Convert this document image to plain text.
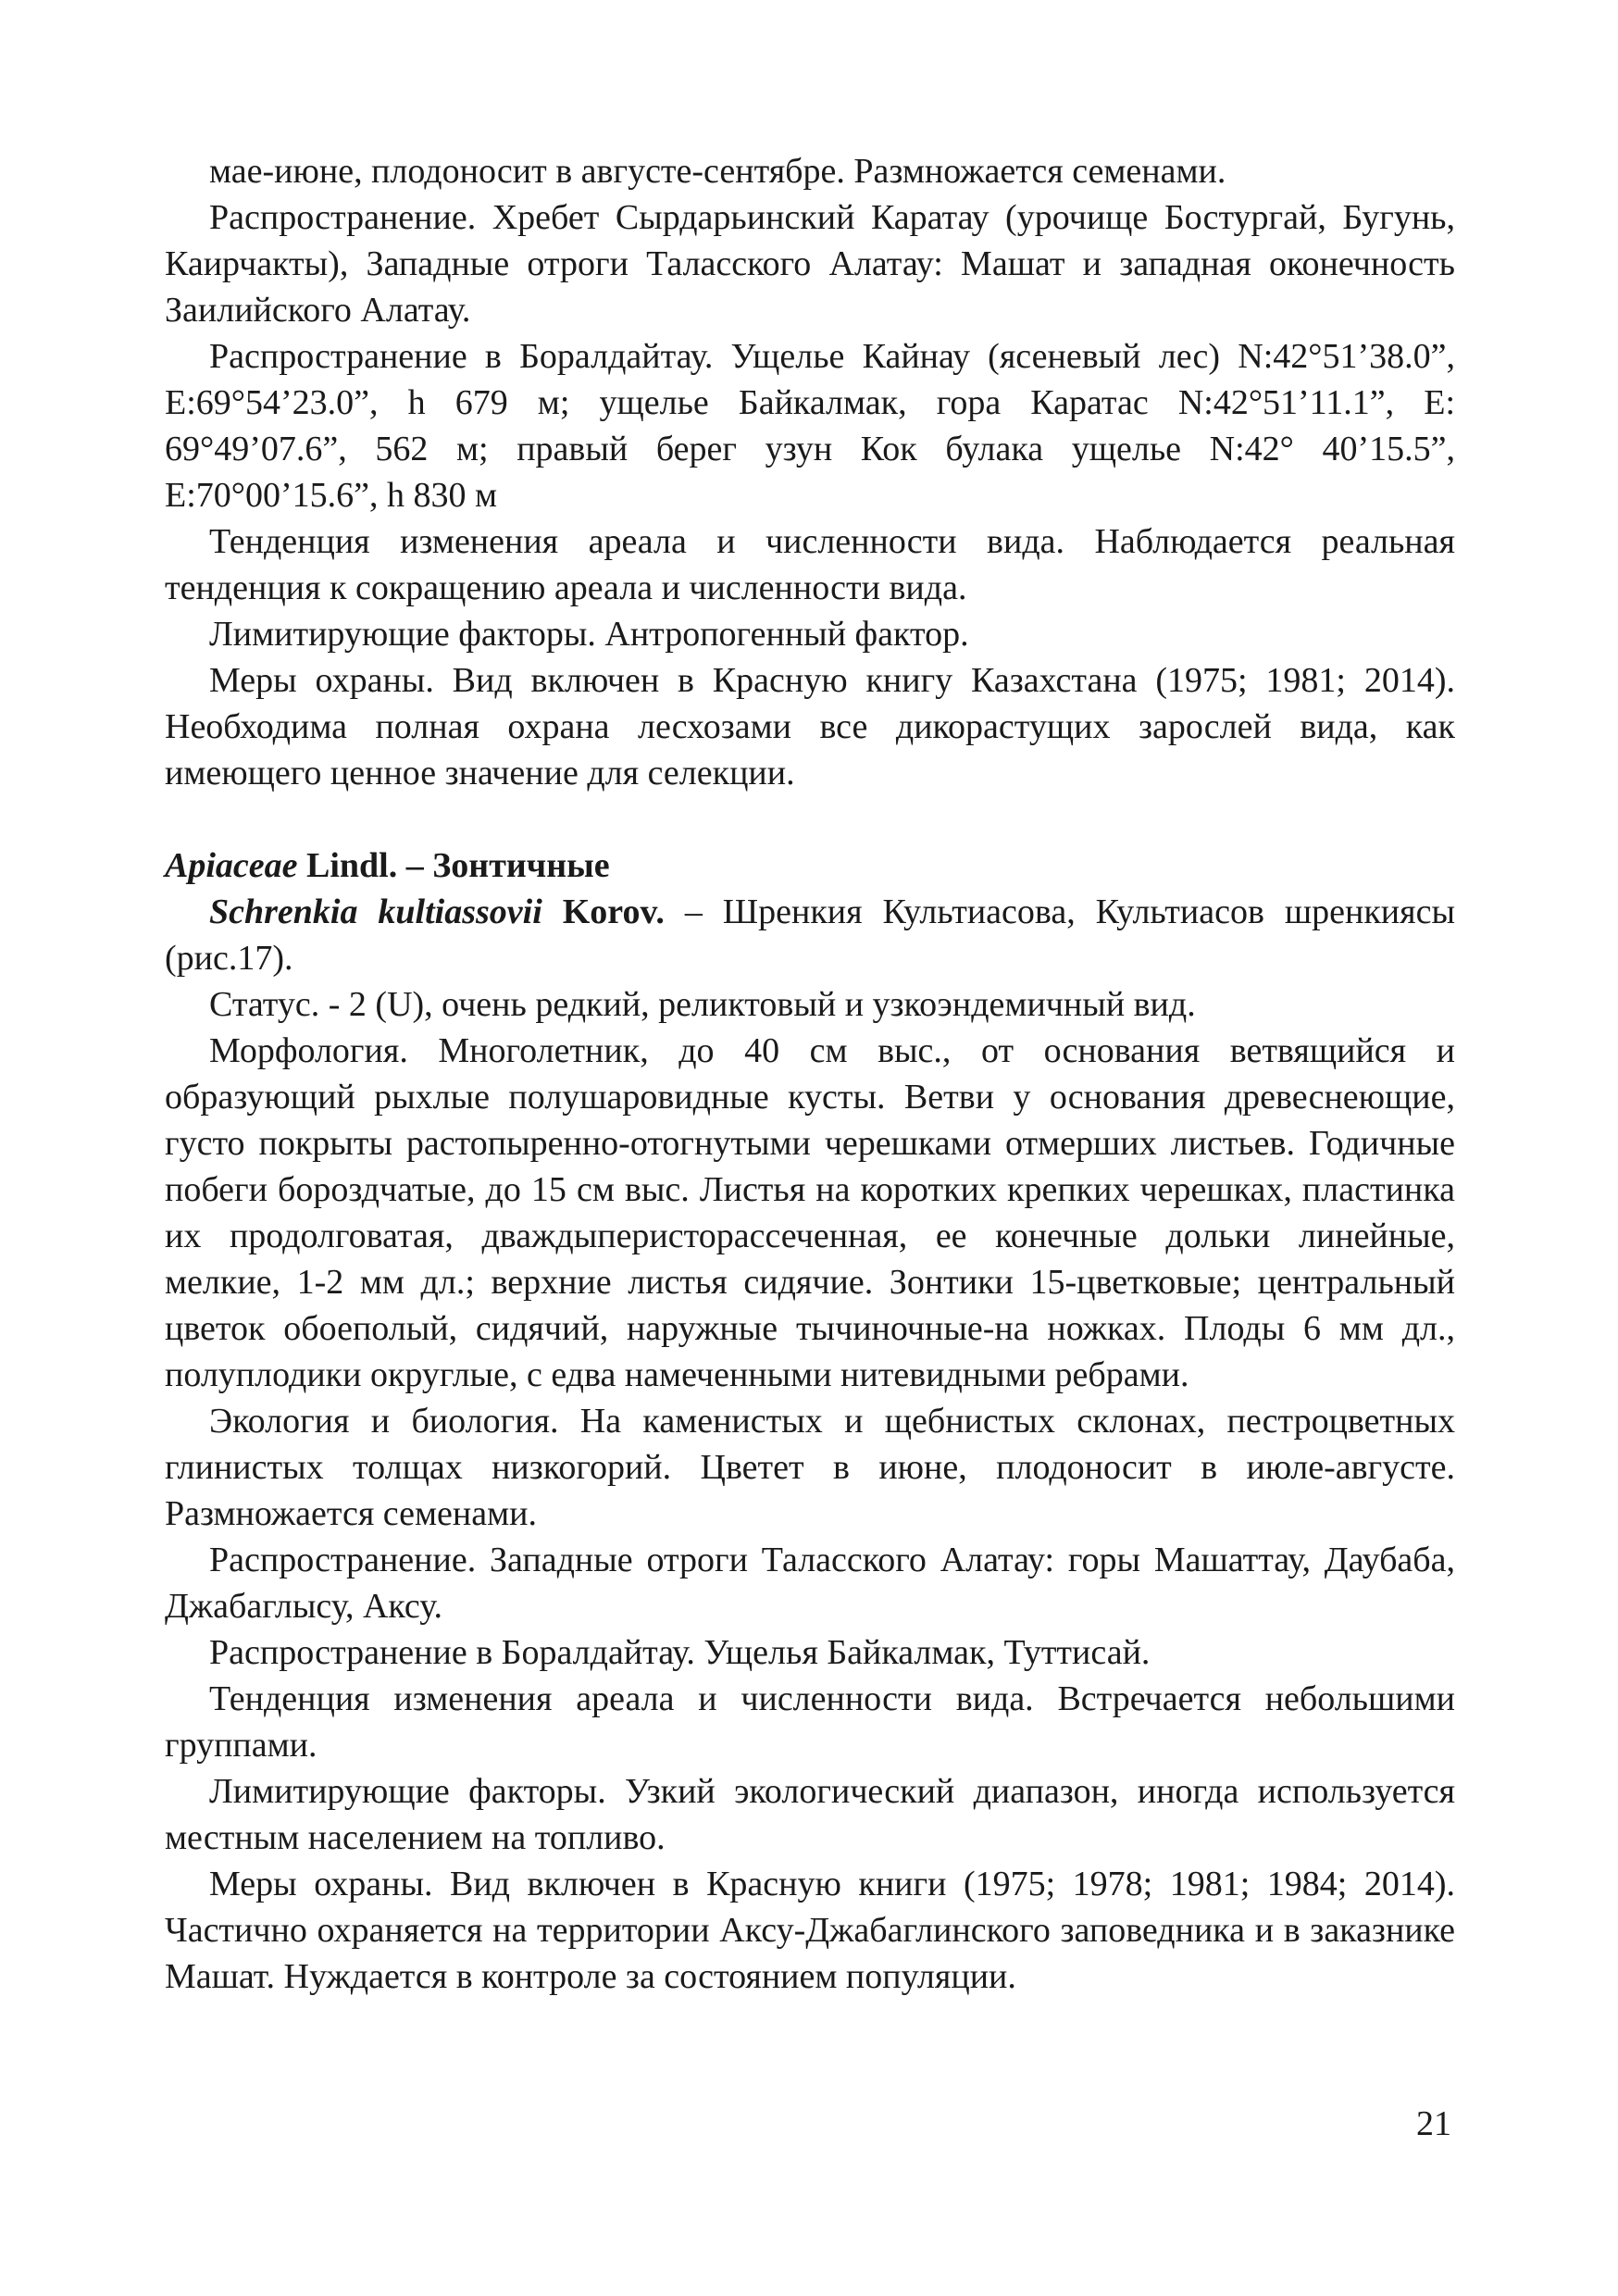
мае-июне, плодоносит в августе-сентябре. Размножается семенами.

Распространение. Хребет Сырдарьинский Каратау (урочище Бостургай, Бугунь, Каирчакты), Западные отроги Таласского Алатау: Машат и западная оконечность Заилийского Алатау.

Распространение в Боралдайтау. Ущелье Кайнау (ясеневый лес) N:42°51’38.0”, E:69°54’23.0”, h 679 м; ущелье Байкалмак, гора Каратас N:42°51’11.1”, E: 69°49’07.6”, 562 м; правый берег узун Кок булака ущелье N:42° 40’15.5”, E:70°00’15.6”, h 830 м

Тенденция изменения ареала и численности вида. Наблюдается реальная тенденция к сокращению ареала и численности вида.

Лимитирующие факторы. Антропогенный фактор.

Меры охраны. Вид включен в Красную книгу Казахстана (1975; 1981; 2014). Необходима полная охрана лесхозами все дикорастущих зарослей вида, как имеющего ценное значение для селекции.

Apiaceae Lindl. – Зонтичные

Schrenkia kultiassovii Korov. – Шренкия Культиасова, Культиасов шренкиясы (рис.17).

Статус. - 2 (U), очень редкий, реликтовый и узкоэндемичный вид.

Морфология. Многолетник, до 40 см выс., от основания ветвящийся и образующий рыхлые полушаровидные кусты. Ветви у основания древеснеющие, густо покрыты растопыренно-отогнутыми черешками отмерших листьев. Годичные побеги бороздчатые, до 15 см выс. Листья на коротких крепких черешках, пластинка их продолговатая, дваждыперисторассеченная, ее конечные дольки линейные, мелкие, 1-2 мм дл.; верхние листья сидячие. Зонтики 15-цветковые; центральный цветок обоеполый, сидячий, наружные тычиночные-на ножках. Плоды 6 мм дл., полуплодики округлые, с едва намеченными нитевидными ребрами.

Экология и биология. На каменистых и щебнистых склонах, пестроцветных глинистых толщах низкогорий. Цветет в июне, плодоносит в июле-августе. Размножается семенами.

Распространение. Западные отроги Таласского Алатау: горы Машаттау, Даубаба, Джабаглысу, Аксу.

Распространение в Боралдайтау. Ущелья Байкалмак, Туттисай.

Тенденция изменения ареала и численности вида. Встречается небольшими группами.

Лимитирующие факторы. Узкий экологический диапазон, иногда используется местным населением на топливо.

Меры охраны. Вид включен в Красную книги (1975; 1978; 1981; 1984; 2014). Частично охраняется на территории Аксу-Джабаглинского заповедника и в заказнике Машат. Нуждается в контроле за состоянием популяции.

21
